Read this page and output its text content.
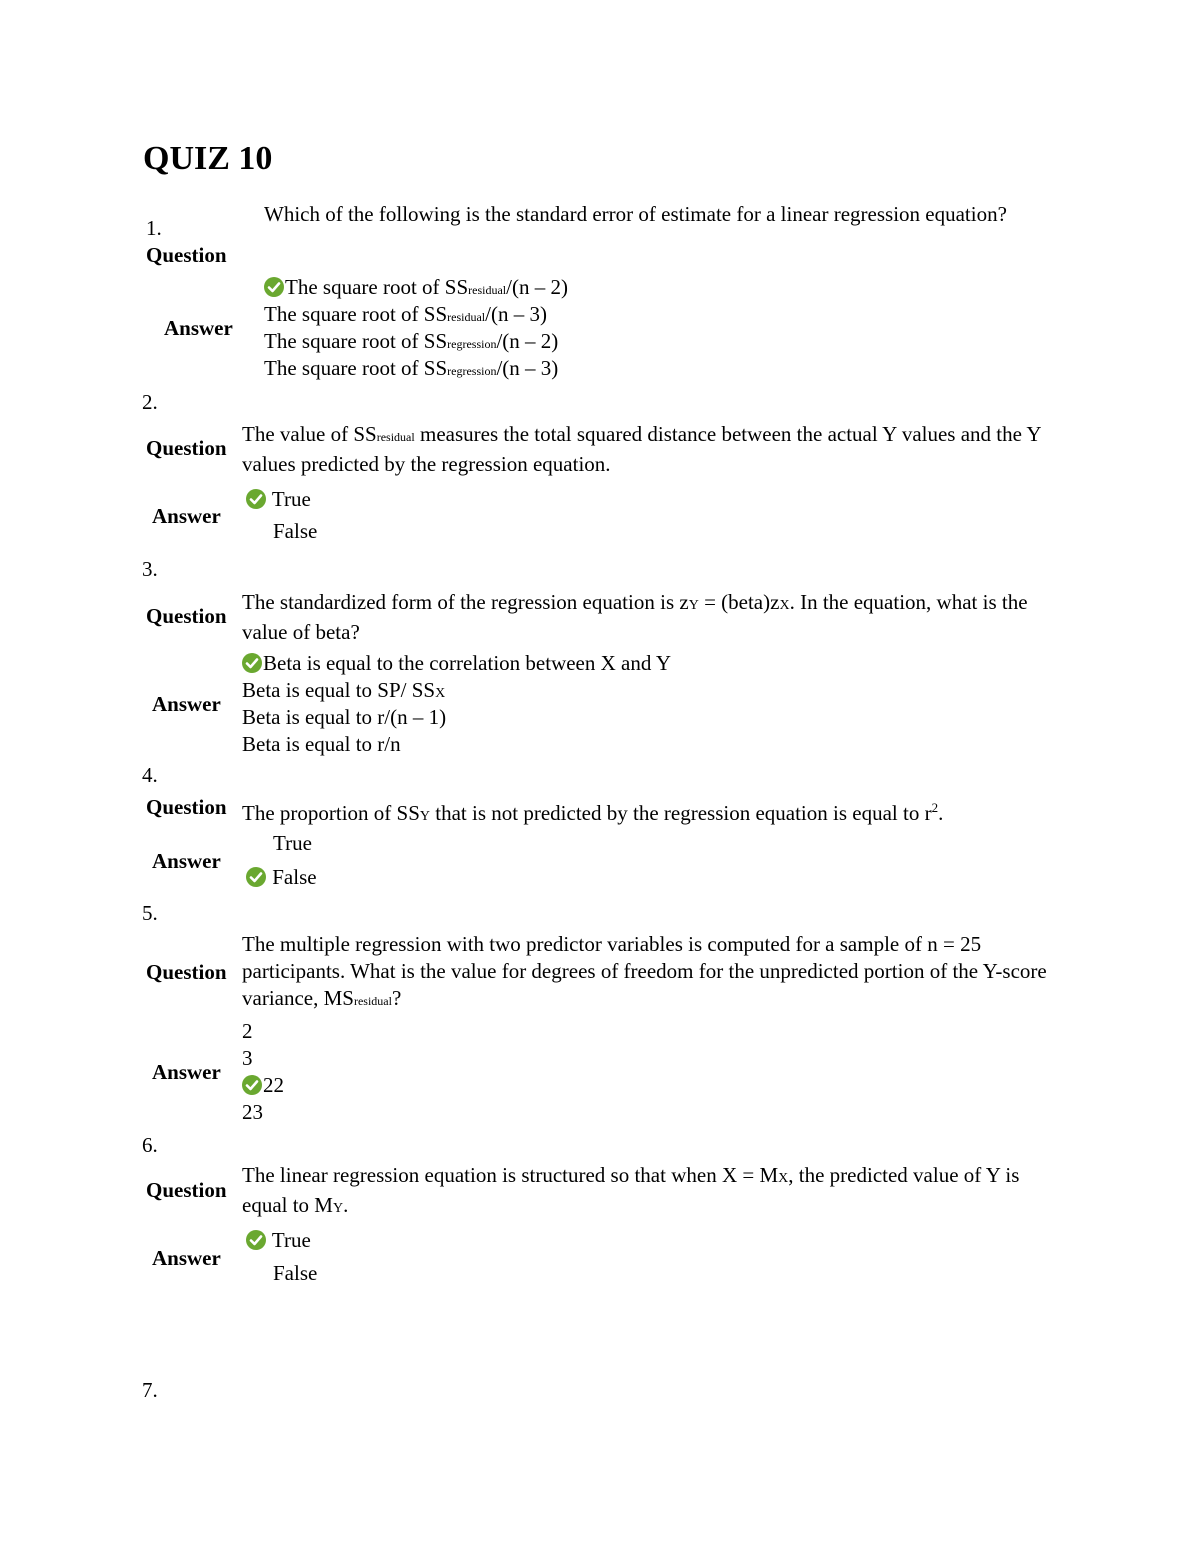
QUIZ 10
1.
Question
Which of the following is the standard error of estimate for a linear regression equation?
Answer
The square root of SSresidual/(n – 2)
The square root of SSresidual/(n – 3)
The square root of SSregression/(n – 2)
The square root of SSregression/(n – 3)
2.
Question
The value of SSresidual measures the total squared distance between the actual Y values and the Y values predicted by the regression equation.
Answer
True
False
3.
Question
The standardized form of the regression equation is zY = (beta)zX. In the equation, what is the value of beta?
Answer
Beta is equal to the correlation between X and Y
Beta is equal to SP/ SSX
Beta is equal to r/(n – 1)
Beta is equal to r/n
4.
Question The proportion of SSY that is not predicted by the regression equation is equal to $r^2$.
Answer
True
False
5.
Question
The multiple regression with two predictor variables is computed for a sample of n = 25 participants. What is the value for degrees of freedom for the unpredicted portion of the Y-score variance, MSresidual?
Answer
2
3
22
23
6.
Question
The linear regression equation is structured so that when X = MX, the predicted value of Y is equal to MY.
Answer
True
False
7.
